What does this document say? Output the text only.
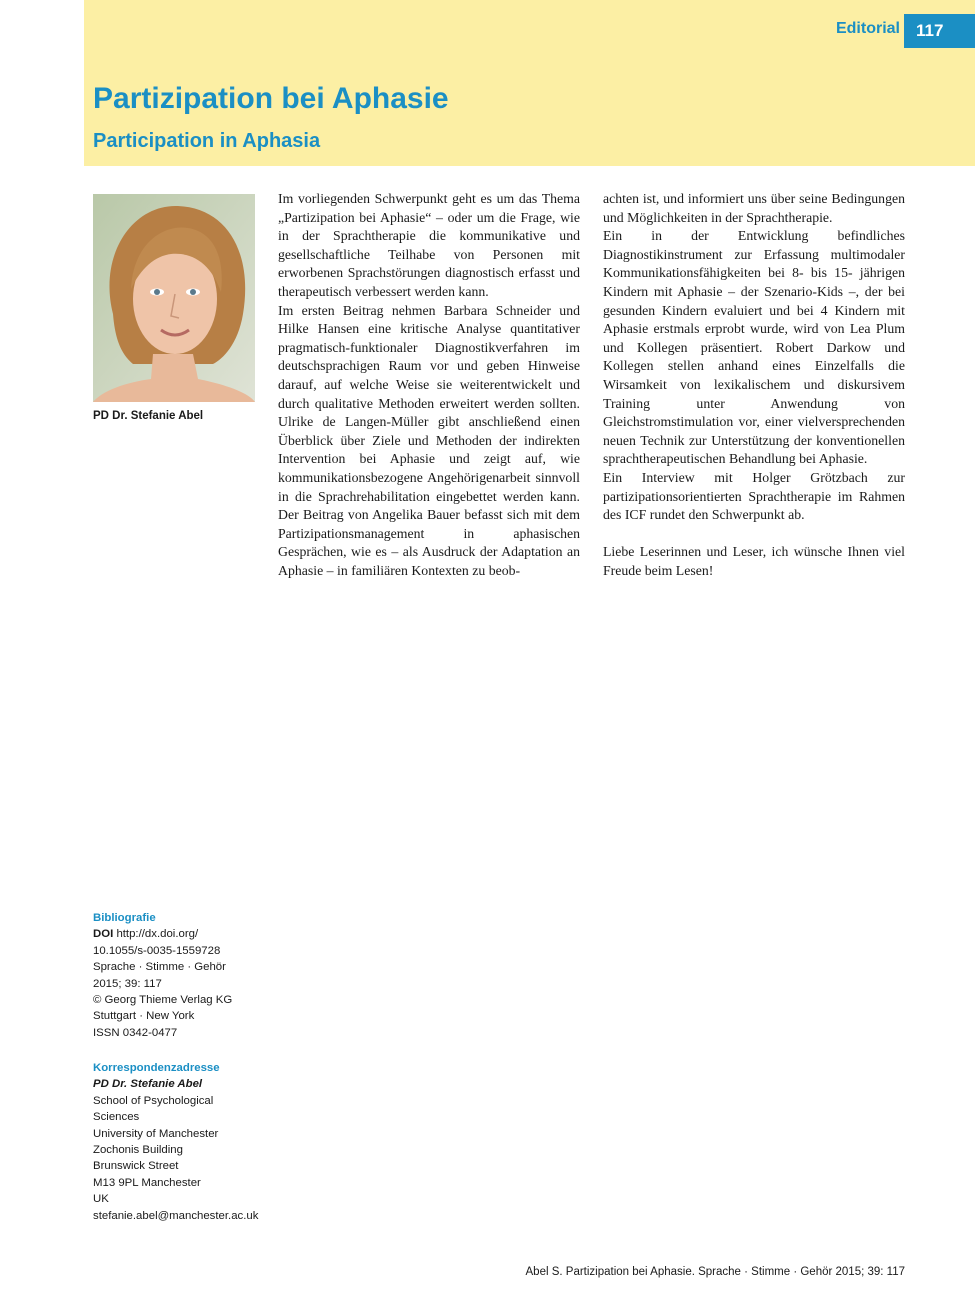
Editorial 117
Partizipation bei Aphasie
Participation in Aphasia
PD Dr. Stefanie Abel

Im vorliegenden Schwerpunkt geht es um das Thema „Partizipation bei Aphasie“ – oder um die Frage, wie in der Sprachtherapie die kommunikative und gesellschaftliche Teilhabe von Personen mit erworbenen Sprachstörungen diagnostisch erfasst und therapeutisch verbessert werden kann.

Im ersten Beitrag nehmen Barbara Schneider und Hilke Hansen eine kritische Analyse quantitativer pragmatisch-funktionaler Diagnostikverfahren im deutschsprachigen Raum vor und geben Hinweise darauf, auf welche Weise sie weiterentwickelt und durch qualitative Methoden erweitert werden sollten. Ulrike de Langen-Müller gibt anschließend einen Überblick über Ziele und Methoden der indirekten Intervention bei Aphasie und zeigt auf, wie kommunikationsbezogene Angehörigenarbeit sinnvoll in die Sprachrehabilitation eingebettet werden kann. Der Beitrag von Angelika Bauer befasst sich mit dem Partizipationsmanagement in aphasischen Gesprächen, wie es – als Ausdruck der Adaptation an Aphasie – in familiären Kontexten zu beob-

achten ist, und informiert uns über seine Bedingungen und Möglichkeiten in der Sprachtherapie.

Ein in der Entwicklung befindliches Diagnostikinstrument zur Erfassung multimodaler Kommunikationsfähigkeiten bei 8- bis 15- jährigen Kindern mit Aphasie – der Szenario-Kids –, der bei gesunden Kindern evaluiert und bei 4 Kindern mit Aphasie erstmals erprobt wurde, wird von Lea Plum und Kollegen präsentiert. Robert Darkow und Kollegen stellen anhand eines Einzelfalls die Wirsamkeit von lexikalischem und diskursivem Training unter Anwendung von Gleichstromstimulation vor, einer vielversprechenden neuen Technik zur Unterstützung der konventionellen sprachtherapeutischen Behandlung bei Aphasie.

Ein Interview mit Holger Grötzbach zur partizipationsorientierten Sprachtherapie im Rahmen des ICF rundet den Schwerpunkt ab.

Liebe Leserinnen und Leser, ich wünsche Ihnen viel Freude beim Lesen!

Bibliografie
DOI http://dx.doi.org/
10.1055/s-0035-1559728
Sprache · Stimme · Gehör
2015; 39: 117
© Georg Thieme Verlag KG
Stuttgart · New York
ISSN 0342-0477
Korrespondenzadresse
PD Dr. Stefanie Abel
School of Psychological
Sciences
University of Manchester
Zochonis Building
Brunswick Street
M13 9PL Manchester
UK
stefanie.abel@manchester.ac.uk
Abel S. Partizipation bei Aphasie. Sprache · Stimme · Gehör 2015; 39: 117
